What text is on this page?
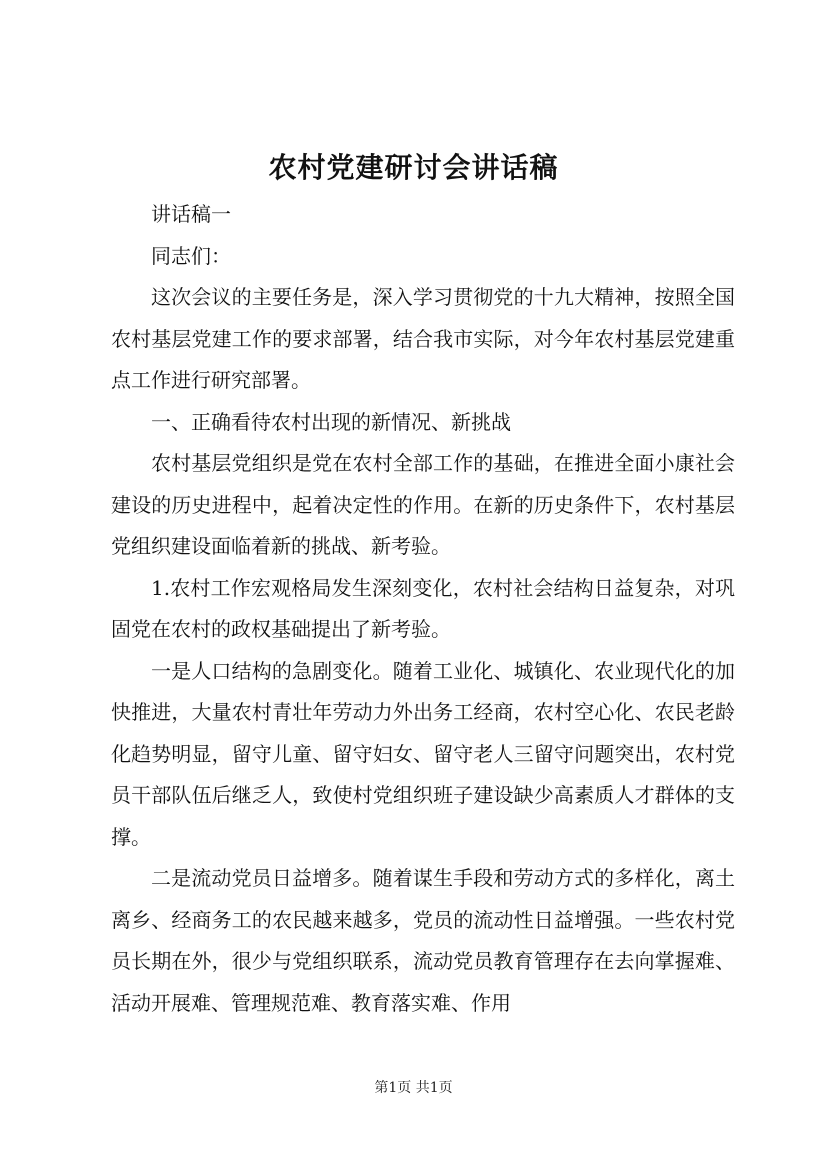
农村党建研讨会讲话稿

讲话稿一

同志们：

这次会议的主要任务是，深入学习贯彻党的十九大精神，按照全国农村基层党建工作的要求部署，结合我市实际，对今年农村基层党建重点工作进行研究部署。

一、正确看待农村出现的新情况、新挑战

农村基层党组织是党在农村全部工作的基础，在推进全面小康社会建设的历史进程中，起着决定性的作用。在新的历史条件下，农村基层党组织建设面临着新的挑战、新考验。

1.农村工作宏观格局发生深刻变化，农村社会结构日益复杂，对巩固党在农村的政权基础提出了新考验。

一是人口结构的急剧变化。随着工业化、城镇化、农业现代化的加快推进，大量农村青壮年劳动力外出务工经商，农村空心化、农民老龄化趋势明显，留守儿童、留守妇女、留守老人三留守问题突出，农村党员干部队伍后继乏人，致使村党组织班子建设缺少高素质人才群体的支撑。

二是流动党员日益增多。随着谋生手段和劳动方式的多样化，离土离乡、经商务工的农民越来越多，党员的流动性日益增强。一些农村党员长期在外，很少与党组织联系，流动党员教育管理存在去向掌握难、活动开展难、管理规范难、教育落实难、作用

第1页 共1页
